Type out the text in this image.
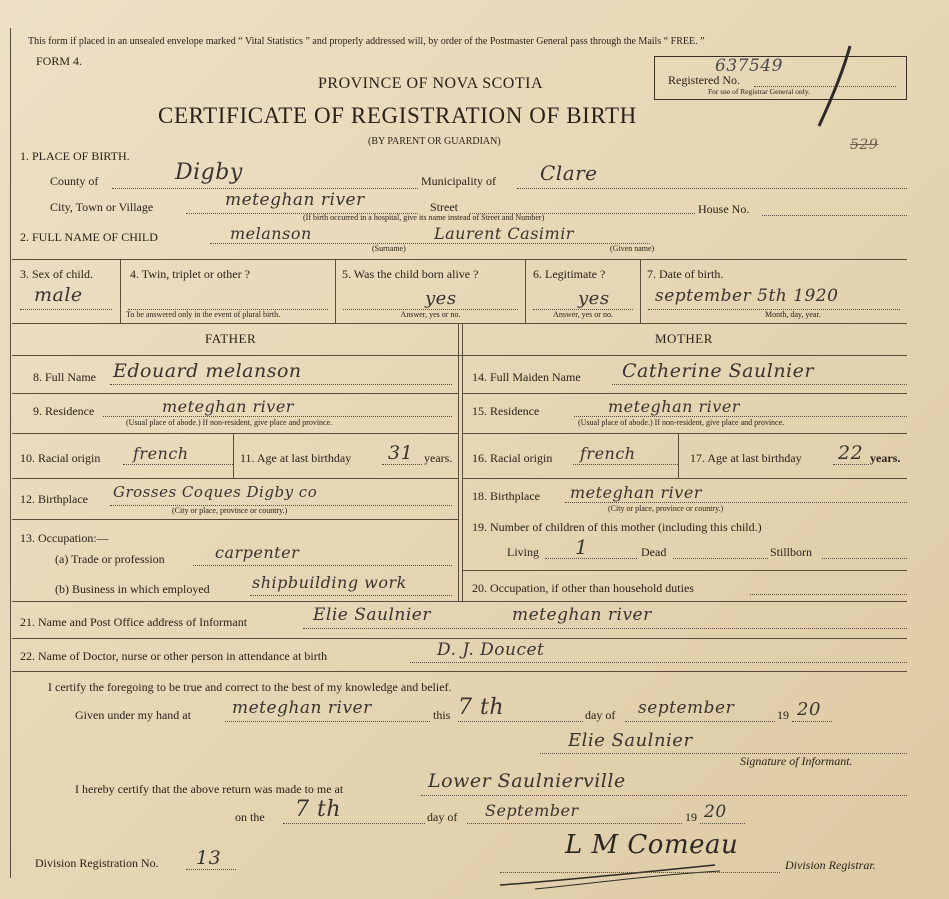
This form if placed in an unsealed envelope marked “ Vital Statistics ” and properly addressed will, by order of the Postmaster General pass through the Mails “ FREE. ”
FORM 4.
PROVINCE OF NOVA SCOTIA
CERTIFICATE OF REGISTRATION OF BIRTH
(BY PARENT OR GUARDIAN)
Registered No.
637549
For use of Registrar General only.
529
1. PLACE OF BIRTH.
County of	Digby	Municipality of Clare
City, Town or Village	meteghan river	Street	House No.
(If birth occurred in a hospital, give its name instead of Street and Number)
2. FULL NAME OF CHILD	melanson	Laurent Casimir
(Surname)	(Given name)
3. Sex of child.
male
4. Twin, triplet or other ?
To be answered only in the event of plural birth.
5. Was the child born alive ?
yes
Answer, yes or no.
6. Legitimate ?
yes
Answer, yes or no.
7. Date of birth.
september 5th 1920
Month, day, year.
FATHER	MOTHER
8. Full Name Edouard melanson
9. Residence	meteghan river
(Usual place of abode.) If non-resident, give place and province.
10. Racial origin french	11. Age at last birthday 31 years.
12. Birthplace Grosses Coques Digby co
(City or place, province or country.)
13. Occupation:—
(a) Trade or profession	carpenter
(b) Business in which employed	shipbuilding work
14. Full Maiden Name Catherine Saulnier
15. Residence	meteghan river
(Usual place of abode.) If non-resident, give place and province.
16. Racial origin french	17. Age at last birthday 22 years.
18. Birthplace meteghan river
(City or place, province or country.)
19. Number of children of this mother (including this child.)
Living 1	Dead	Stillborn
20. Occupation, if other than household duties
21. Name and Post Office address of Informant	Elie Saulnier	meteghan river
22. Name of Doctor, nurse or other person in attendance at birth	D. J. Doucet
I certify the foregoing to be true and correct to the best of my knowledge and belief.
Given under my hand at meteghan river	this 7 th	day of september	19 20
Elie Saulnier
Signature of Informant.
I hereby certify that the above return was made to me at	Lower Saulnierville
on the 7 th	day of September	19 20
Division Registration No. 13	L M Comeau
Division Registrar.
